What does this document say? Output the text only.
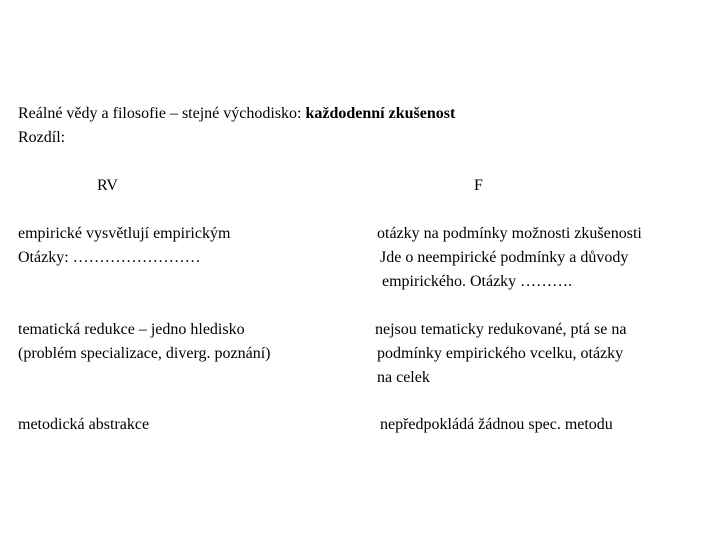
Reálné vědy a filosofie – stejné východisko: každodenní zkušenost
Rozdíl:
RV	F
empirické vysvětlují empirickým
Otázky: ……………………
otázky na podmínky možnosti zkušenosti
Jde o neempirické podmínky a důvody
empirického. Otázky ……….
tematická redukce – jedno hledisko
(problém specializace, diverg. poznání)
nejsou tematicky redukované, ptá se na
podmínky empirického vcelku, otázky
na celek
metodická abstrakce	nepředpokládá žádnou spec. metodu
